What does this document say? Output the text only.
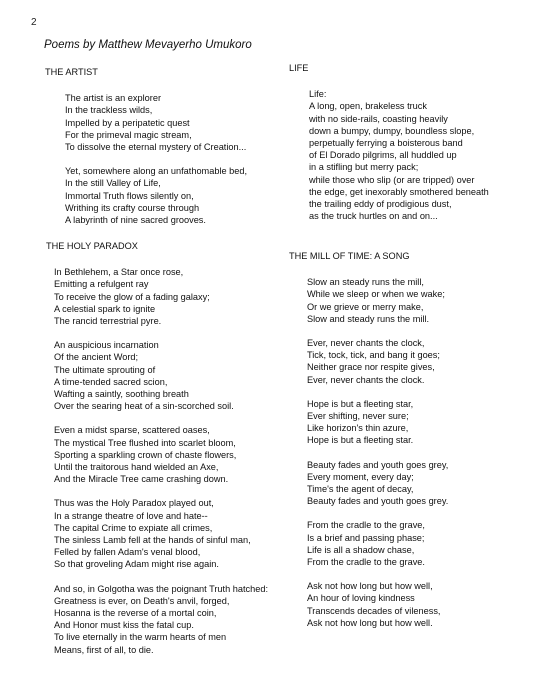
2
Poems by Matthew Mevayerho Umukoro
THE ARTIST
The artist is an explorer
In the trackless wilds,
Impelled by a peripatetic quest
For the primeval magic stream,
To dissolve the eternal mystery of Creation...
Yet, somewhere along an unfathomable bed,
In the still Valley of Life,
Immortal Truth flows silently on,
Writhing its crafty course through
A labyrinth of nine sacred grooves.
THE HOLY PARADOX
In Bethlehem, a Star once rose,
Emitting a refulgent ray
To receive the glow of a fading galaxy;
A celestial spark to ignite
The rancid terrestrial pyre.
An auspicious incarnation
Of the ancient Word;
The ultimate sprouting of
A time-tended sacred scion,
Wafting a saintly, soothing breath
Over the searing heat of a sin-scorched soil.
Even a midst sparse, scattered oases,
The mystical Tree flushed into scarlet bloom,
Sporting a sparkling crown of chaste flowers,
Until the traitorous hand wielded an Axe,
And the Miracle Tree came crashing down.
Thus was the Holy Paradox played out,
In a strange theatre of love and hate--
The capital Crime to expiate all crimes,
The sinless Lamb fell at the hands of sinful man,
Felled by fallen Adam's venal blood,
So that groveling Adam might rise again.
And so, in Golgotha was the poignant Truth hatched:
Greatness is ever, on Death's anvil, forged,
Hosanna is the reverse of a mortal coin,
And Honor must kiss the fatal cup.
To live eternally in the warm hearts of men
Means, first of all, to die.
LIFE
Life:
A long, open, brakeless truck
with no side-rails, coasting heavily
down a bumpy, dumpy, boundless slope,
perpetually ferrying a boisterous band
of El Dorado pilgrims, all huddled up
in a stifling but merry pack;
while those who slip (or are tripped) over
the edge, get inexorably smothered beneath
the trailing eddy of prodigious dust,
as the truck hurtles on and on...
THE MILL OF TIME: A SONG
Slow an steady runs the mill,
While we sleep or when we wake;
Or we grieve or merry make,
Slow and steady runs the mill.
Ever, never chants the clock,
Tick, tock, tick, and bang it goes;
Neither grace nor respite gives,
Ever, never chants the clock.
Hope is but a fleeting star,
Ever shifting, never sure;
Like horizon's thin azure,
Hope is but a fleeting star.
Beauty fades and youth goes grey,
Every moment, every day;
Time's the agent of decay,
Beauty fades and youth goes grey.
From the cradle to the grave,
Is a brief and passing phase;
Life is all a shadow chase,
From the cradle to the grave.
Ask not how long but how well,
An hour of loving kindness
Transcends decades of vileness,
Ask not how long but how well.
